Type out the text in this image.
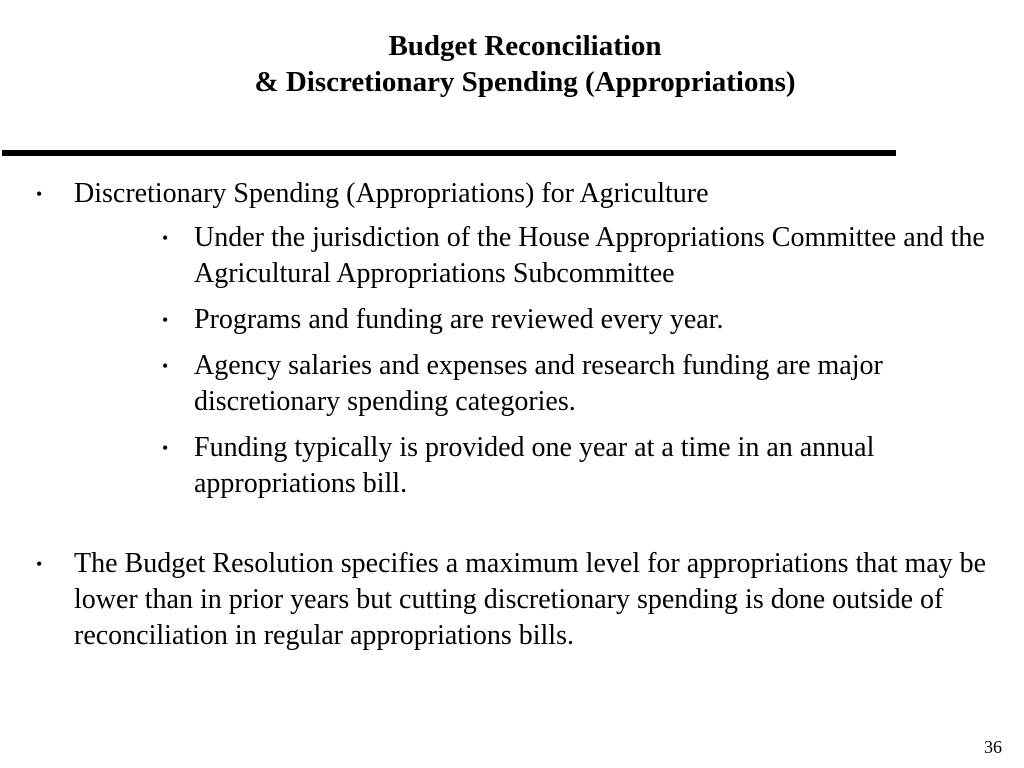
Budget Reconciliation
& Discretionary Spending (Appropriations)
• Discretionary Spending (Appropriations) for Agriculture
• Under the jurisdiction of the House Appropriations Committee and the Agricultural Appropriations Subcommittee
• Programs and funding are reviewed every year.
• Agency salaries and expenses and research funding are major discretionary spending categories.
• Funding typically is provided one year at a time in an annual appropriations bill.
• The Budget Resolution specifies a maximum level for appropriations that may be lower than in prior years but cutting discretionary spending is done outside of reconciliation in regular appropriations bills.
36
